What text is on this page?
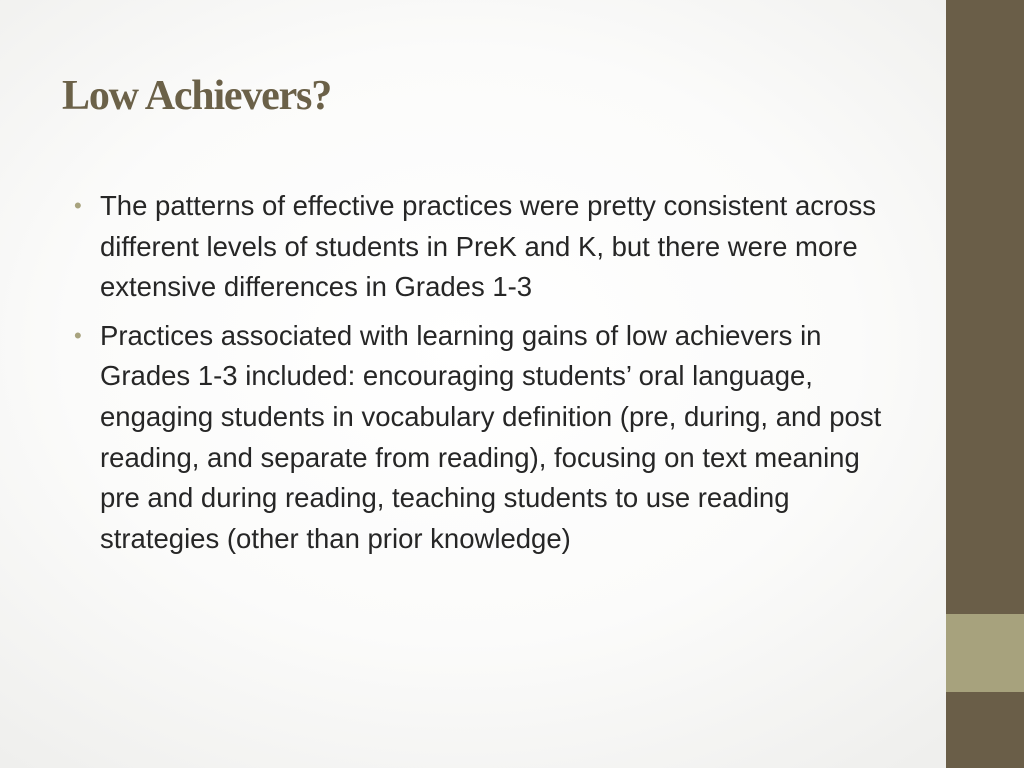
Low Achievers?
• The patterns of effective practices were pretty consistent across different levels of students in PreK and K, but there were more extensive differences in Grades 1-3
• Practices associated with learning gains of low achievers in Grades 1-3 included: encouraging students’ oral language, engaging students in vocabulary definition (pre, during, and post reading, and separate from reading), focusing on text meaning pre and during reading, teaching students to use reading strategies (other than prior knowledge)
